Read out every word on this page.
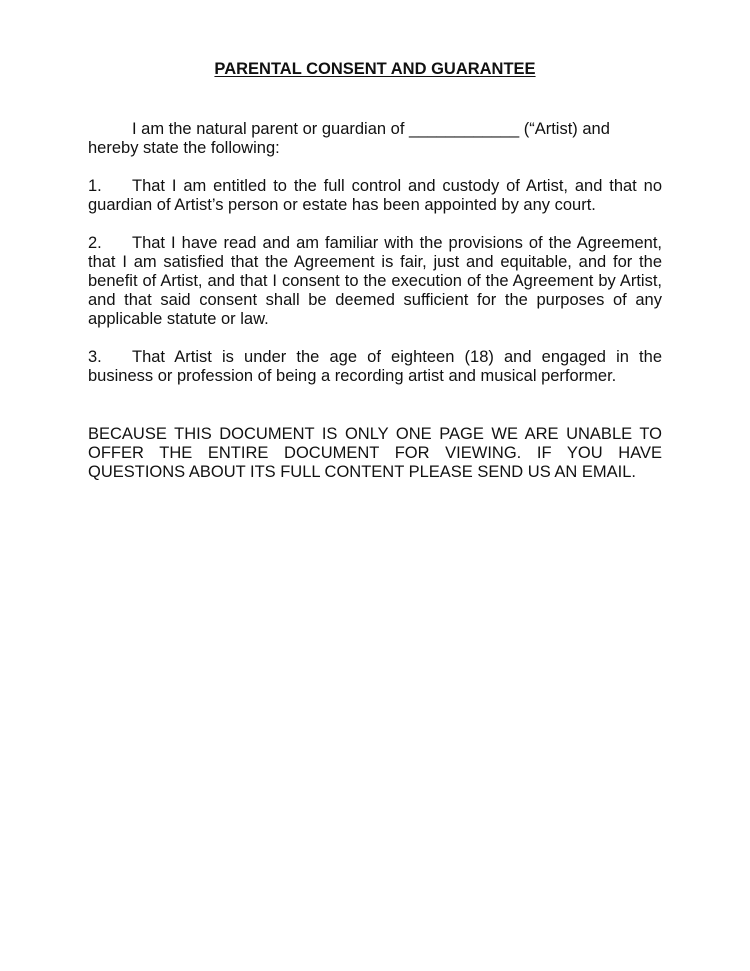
PARENTAL CONSENT AND GUARANTEE

I am the natural parent or guardian of ____________ (“Artist) and hereby state the following:

1. That I am entitled to the full control and custody of Artist, and that no guardian of Artist’s person or estate has been appointed by any court.

2. That I have read and am familiar with the provisions of the Agreement, that I am satisfied that the Agreement is fair, just and equitable, and for the benefit of Artist, and that I consent to the execution of the Agreement by Artist, and that said consent shall be deemed sufficient for the purposes of any applicable statute or law.

3. That Artist is under the age of eighteen (18) and engaged in the business or profession of being a recording artist and musical performer.

BECAUSE THIS DOCUMENT IS ONLY ONE PAGE WE ARE UNABLE TO OFFER THE ENTIRE DOCUMENT FOR VIEWING. IF YOU HAVE QUESTIONS ABOUT ITS FULL CONTENT PLEASE SEND US AN EMAIL.
